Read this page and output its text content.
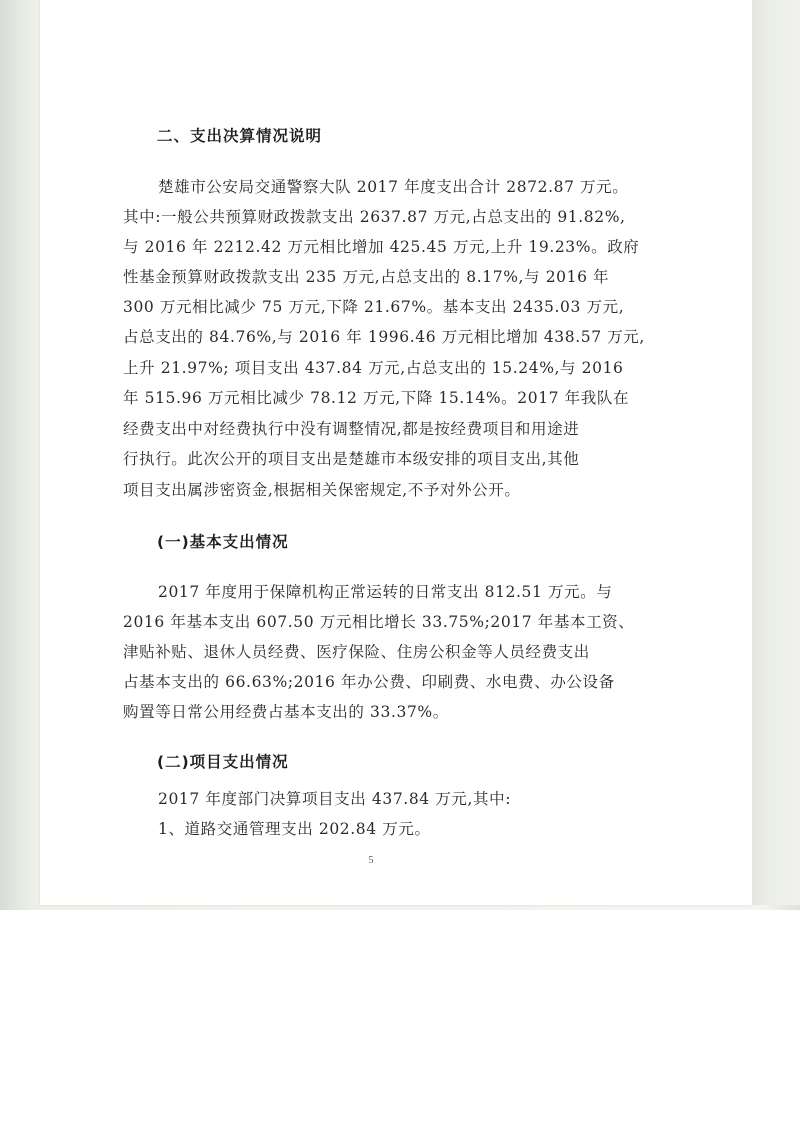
二、支出决算情况说明
楚雄市公安局交通警察大队 2017 年度支出合计 2872.87 万元。
其中:一般公共预算财政拨款支出 2637.87 万元,占总支出的 91.82%,
与 2016 年 2212.42 万元相比增加 425.45 万元,上升 19.23%。政府
性基金预算财政拨款支出 235 万元,占总支出的 8.17%,与 2016 年
300 万元相比减少 75 万元,下降 21.67%。基本支出 2435.03 万元,
占总支出的 84.76%,与 2016 年 1996.46 万元相比增加 438.57 万元,
上升 21.97%; 项目支出 437.84 万元,占总支出的 15.24%,与 2016
年 515.96 万元相比减少 78.12 万元,下降 15.14%。2017 年我队在
经费支出中对经费执行中没有调整情况,都是按经费项目和用途进
行执行。此次公开的项目支出是楚雄市本级安排的项目支出,其他
项目支出属涉密资金,根据相关保密规定,不予对外公开。
(一)基本支出情况
2017 年度用于保障机构正常运转的日常支出 812.51 万元。与
2016 年基本支出 607.50 万元相比增长 33.75%;2017 年基本工资、
津贴补贴、退休人员经费、医疗保险、住房公积金等人员经费支出
占基本支出的 66.63%;2016 年办公费、印刷费、水电费、办公设备
购置等日常公用经费占基本支出的 33.37%。
(二)项目支出情况
2017 年度部门决算项目支出 437.84 万元,其中:
1、道路交通管理支出 202.84 万元。
5
